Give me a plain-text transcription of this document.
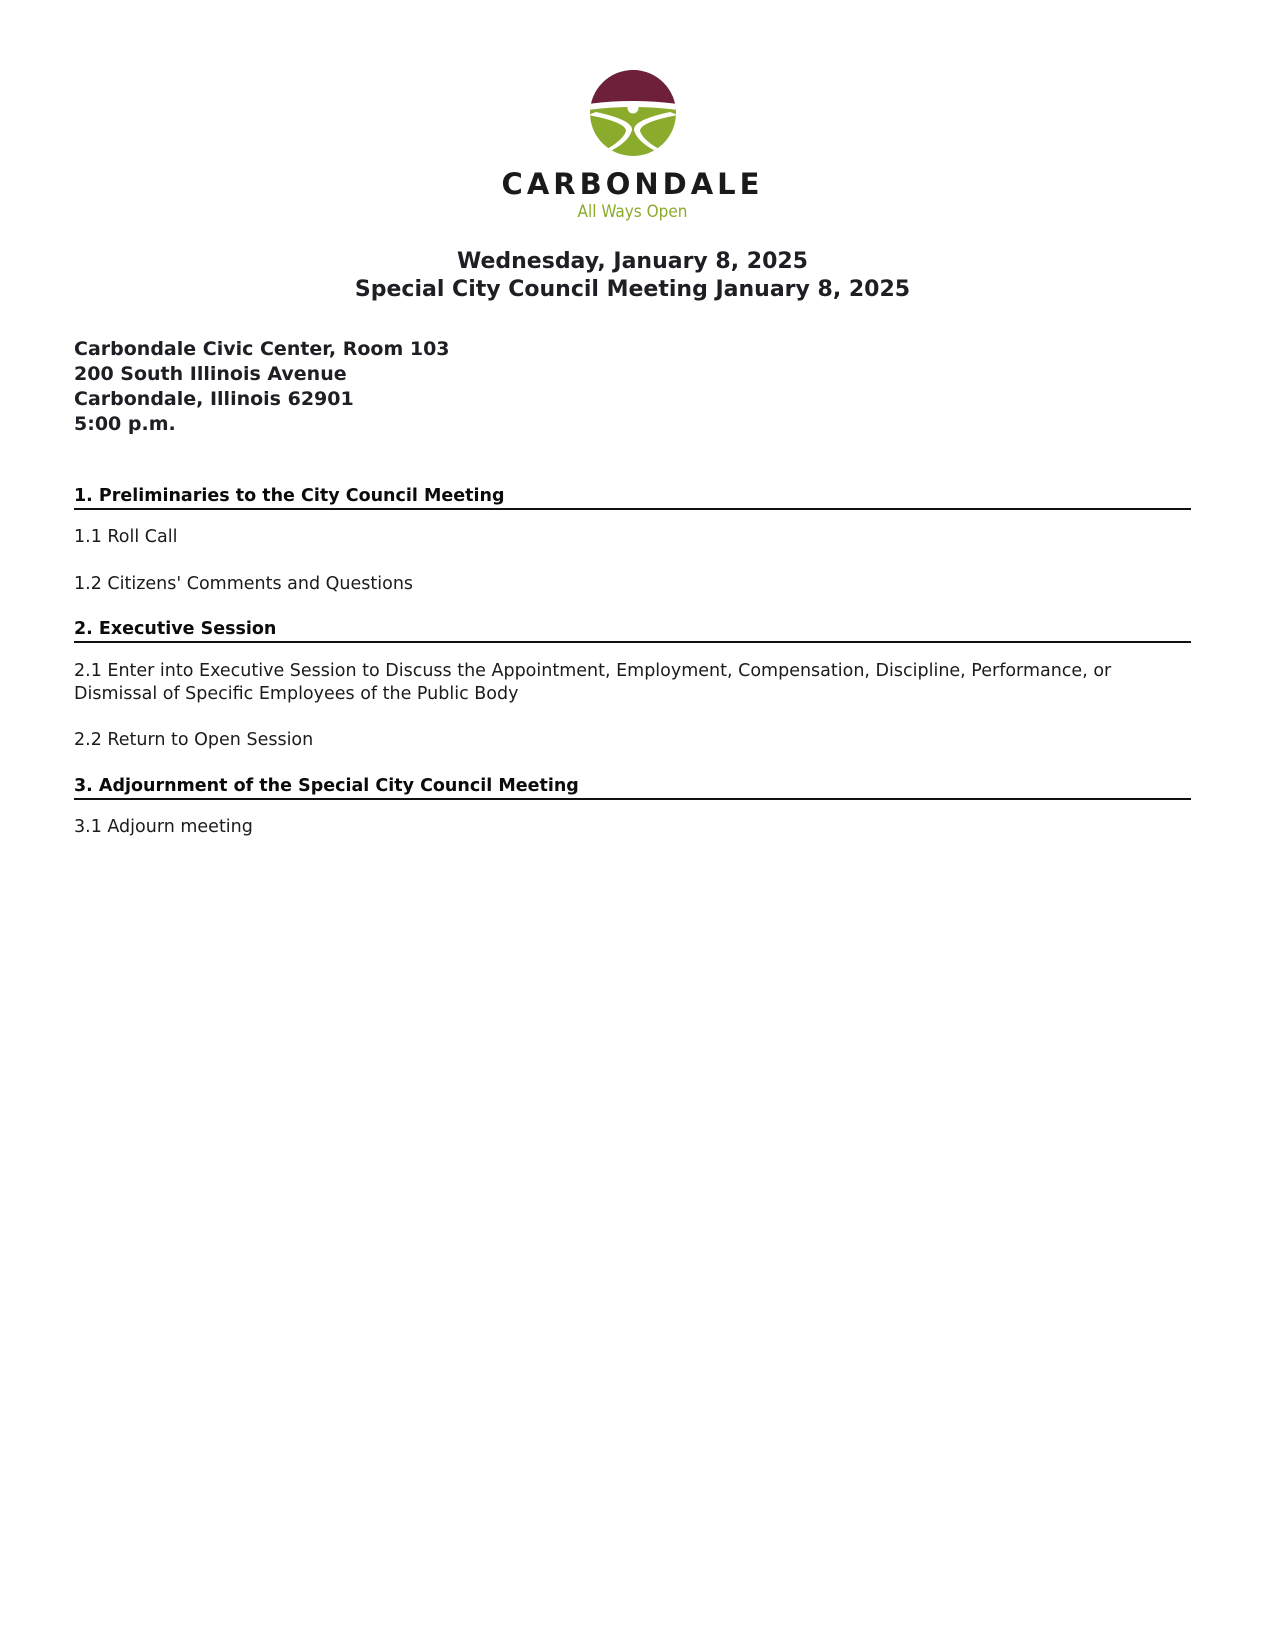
CARBONDALE
All Ways Open
Wednesday, January 8, 2025
Special City Council Meeting January 8, 2025
Carbondale Civic Center, Room 103
200 South Illinois Avenue
Carbondale, Illinois 62901
5:00 p.m.
1. Preliminaries to the City Council Meeting
1.1 Roll Call
1.2 Citizens' Comments and Questions
2. Executive Session
2.1 Enter into Executive Session to Discuss the Appointment, Employment, Compensation, Discipline, Performance, or Dismissal of Specific Employees of the Public Body
2.2 Return to Open Session
3. Adjournment of the Special City Council Meeting
3.1 Adjourn meeting
